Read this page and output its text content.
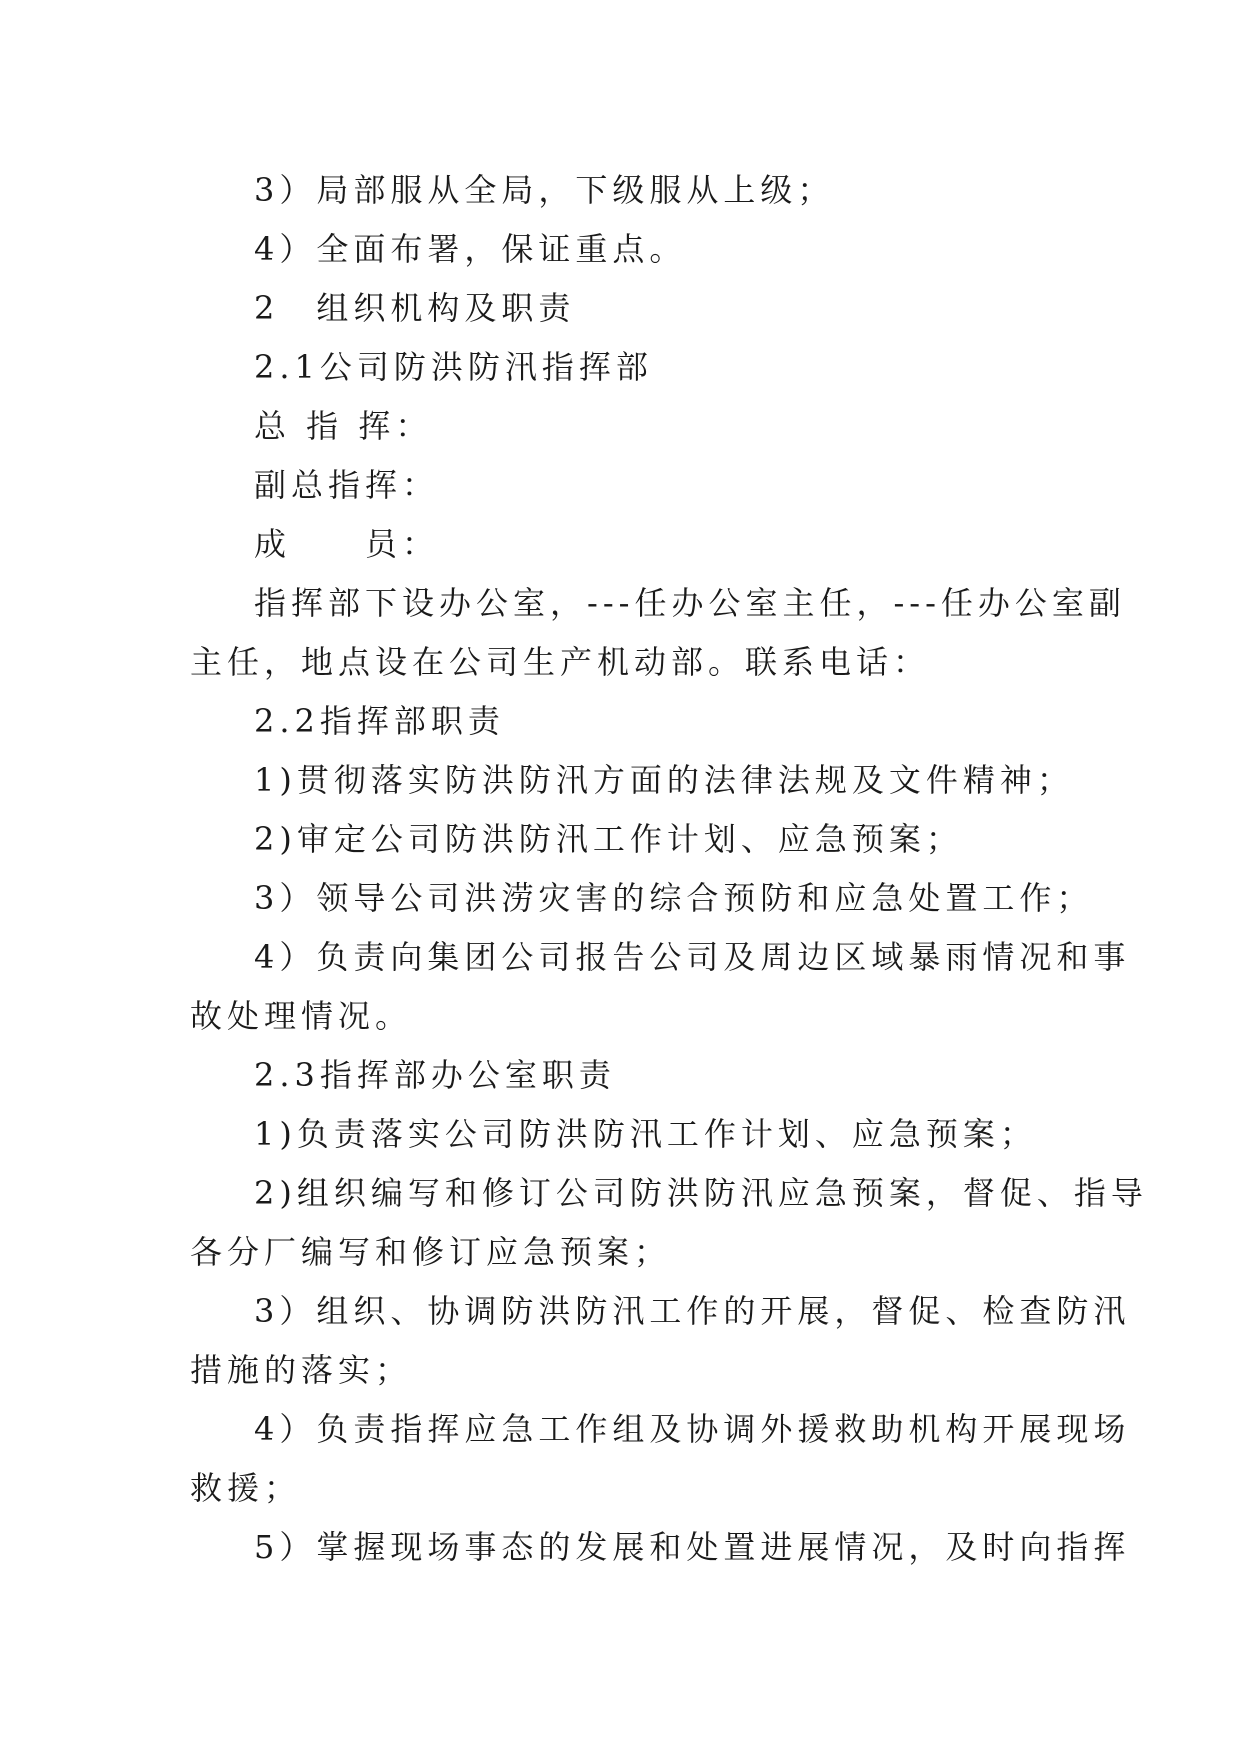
3）局部服从全局，下级服从上级；

4）全面布署，保证重点。

2　组织机构及职责

2.1公司防洪防汛指挥部

总 指 挥：

副总指挥：

成　　员：

指挥部下设办公室，---任办公室主任，---任办公室副

主任，地点设在公司生产机动部。联系电话：

2.2指挥部职责

1)贯彻落实防洪防汛方面的法律法规及文件精神；

2)审定公司防洪防汛工作计划、应急预案；

3）领导公司洪涝灾害的综合预防和应急处置工作；

4）负责向集团公司报告公司及周边区域暴雨情况和事

故处理情况。

2.3指挥部办公室职责

1)负责落实公司防洪防汛工作计划、应急预案；

2)组织编写和修订公司防洪防汛应急预案，督促、指导

各分厂编写和修订应急预案；

3）组织、协调防洪防汛工作的开展，督促、检查防汛

措施的落实；

4）负责指挥应急工作组及协调外援救助机构开展现场

救援；

5）掌握现场事态的发展和处置进展情况，及时向指挥
